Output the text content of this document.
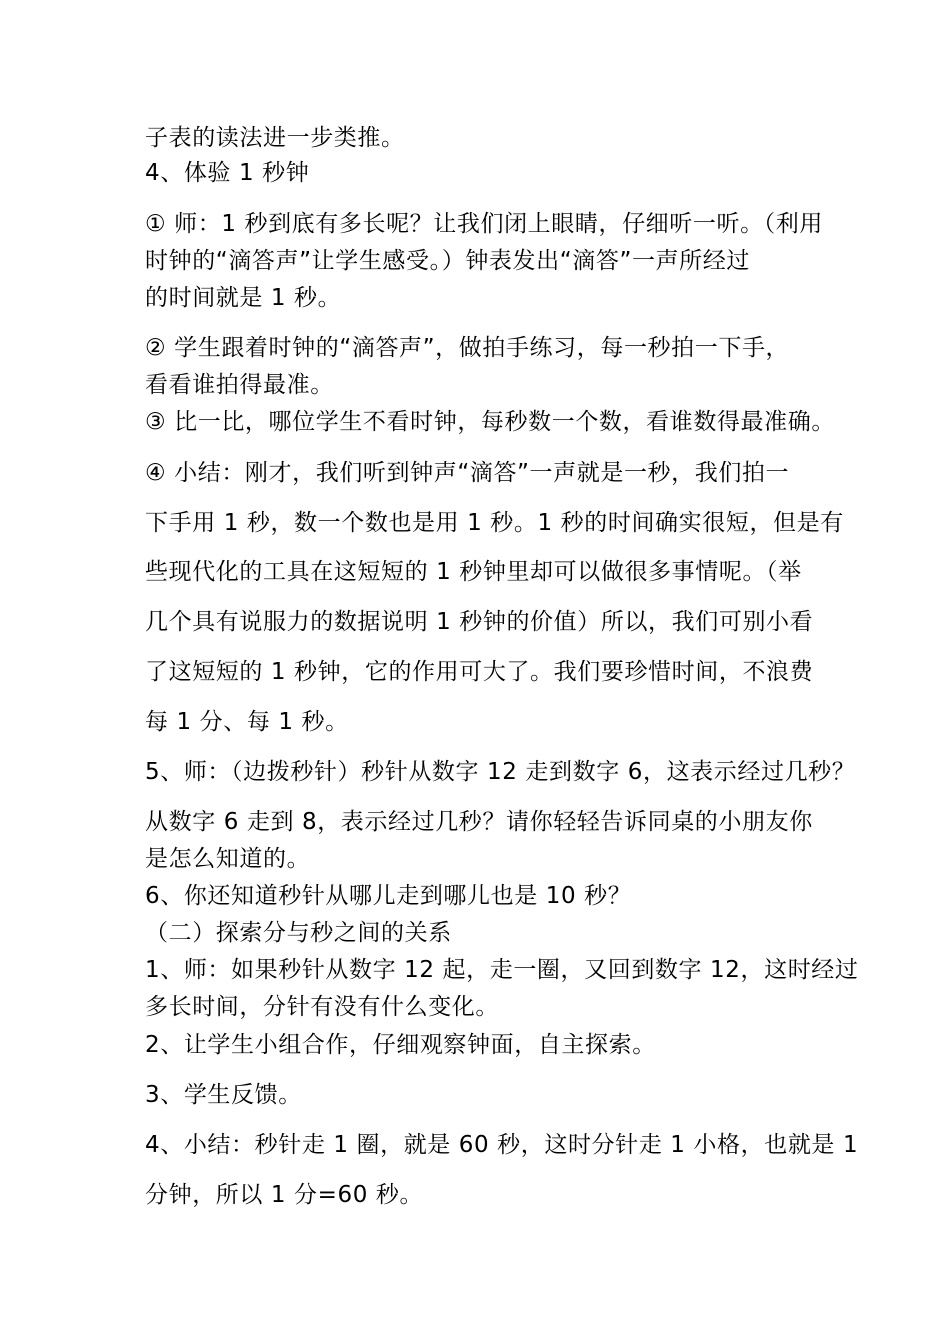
子表的读法进一步类推。
4、体验 1 秒钟
① 师：1 秒到底有多长呢？让我们闭上眼睛，仔细听一听。（利用
时钟的“滴答声”让学生感受。）钟表发出“滴答”一声所经过
的时间就是 1 秒。
② 学生跟着时钟的“滴答声”，做拍手练习，每一秒拍一下手，
看看谁拍得最准。
③ 比一比，哪位学生不看时钟，每秒数一个数，看谁数得最准确。
④ 小结：刚才，我们听到钟声“滴答”一声就是一秒，我们拍一
下手用 1 秒，数一个数也是用 1 秒。1 秒的时间确实很短，但是有
些现代化的工具在这短短的 1 秒钟里却可以做很多事情呢。（举
几个具有说服力的数据说明 1 秒钟的价值）所以，我们可别小看
了这短短的 1 秒钟，它的作用可大了。我们要珍惜时间，不浪费
每 1 分、每 1 秒。
5、师：（边拨秒针）秒针从数字 12 走到数字 6，这表示经过几秒？
从数字 6 走到 8，表示经过几秒？请你轻轻告诉同桌的小朋友你
是怎么知道的。
6、你还知道秒针从哪儿走到哪儿也是 10 秒？
（二）探索分与秒之间的关系
1、师：如果秒针从数字 12 起，走一圈，又回到数字 12，这时经过
多长时间，分针有没有什么变化。
2、让学生小组合作，仔细观察钟面，自主探索。
3、学生反馈。
4、小结：秒针走 1 圈，就是 60 秒，这时分针走 1 小格，也就是 1
分钟，所以 1 分=60 秒。
